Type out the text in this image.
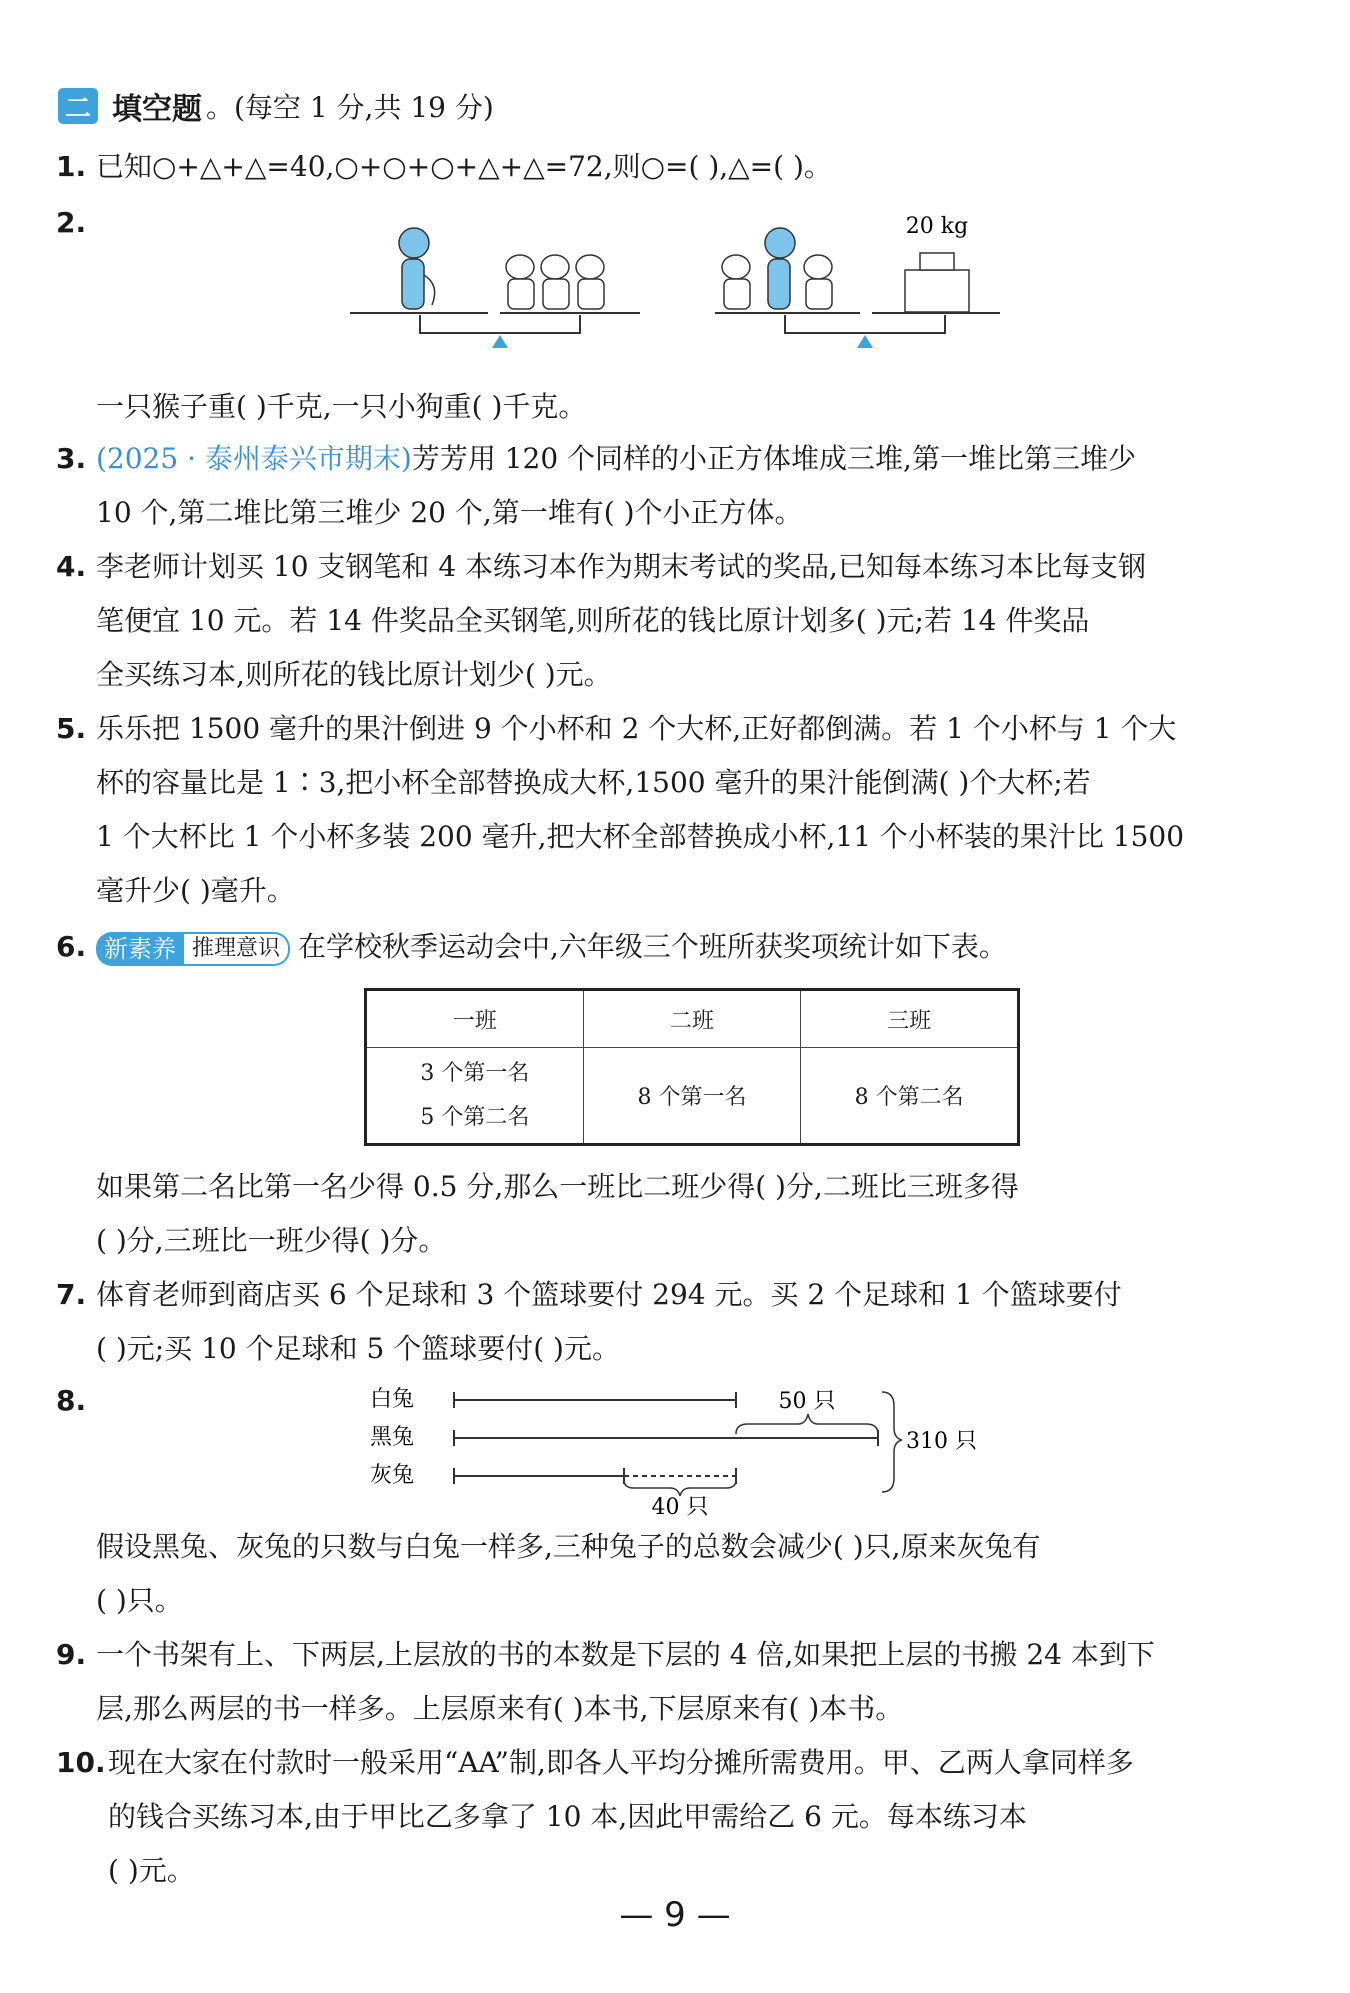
二 填空题 。(每空 1 分,共 19 分)
1. 已知○+△+△=40,○+○+○+△+△=72,则○=( ),△=( )。
2.	20 kg
一只猴子重( )千克,一只小狗重( )千克。
3. (2025 · 泰州泰兴市期末)芳芳用 120 个同样的小正方体堆成三堆,第一堆比第三堆少
10 个,第二堆比第三堆少 20 个,第一堆有( )个小正方体。
4. 李老师计划买 10 支钢笔和 4 本练习本作为期末考试的奖品,已知每本练习本比每支钢
笔便宜 10 元。若 14 件奖品全买钢笔,则所花的钱比原计划多( )元;若 14 件奖品
全买练习本,则所花的钱比原计划少( )元。
5. 乐乐把 1500 毫升的果汁倒进 9 个小杯和 2 个大杯,正好都倒满。若 1 个小杯与 1 个大
杯的容量比是 1∶3,把小杯全部替换成大杯,1500 毫升的果汁能倒满( )个大杯;若
1 个大杯比 1 个小杯多装 200 毫升,把大杯全部替换成小杯,11 个小杯装的果汁比 1500
毫升少( )毫升。
6. 新素养 推理意识 在学校秋季运动会中,六年级三个班所获奖项统计如下表。
一班	二班	三班

3 个第一名
5 个第二名	8 个第一名	8 个第二名
如果第二名比第一名少得 0.5 分,那么一班比二班少得( )分,二班比三班多得
( )分,三班比一班少得( )分。
7. 体育老师到商店买 6 个足球和 3 个篮球要付 294 元。买 2 个足球和 1 个篮球要付
( )元;买 10 个足球和 5 个篮球要付( )元。
8.	白兔
黑兔
灰兔
50 只
40 只
310 只
假设黑兔、灰兔的只数与白兔一样多,三种兔子的总数会减少( )只,原来灰兔有
( )只。
9. 一个书架有上、下两层,上层放的书的本数是下层的 4 倍,如果把上层的书搬 24 本到下
层,那么两层的书一样多。上层原来有( )本书,下层原来有( )本书。
10. 现在大家在付款时一般采用“AA”制,即各人平均分摊所需费用。甲、乙两人拿同样多
的钱合买练习本,由于甲比乙多拿了 10 本,因此甲需给乙 6 元。每本练习本
( )元。
— 9 —
